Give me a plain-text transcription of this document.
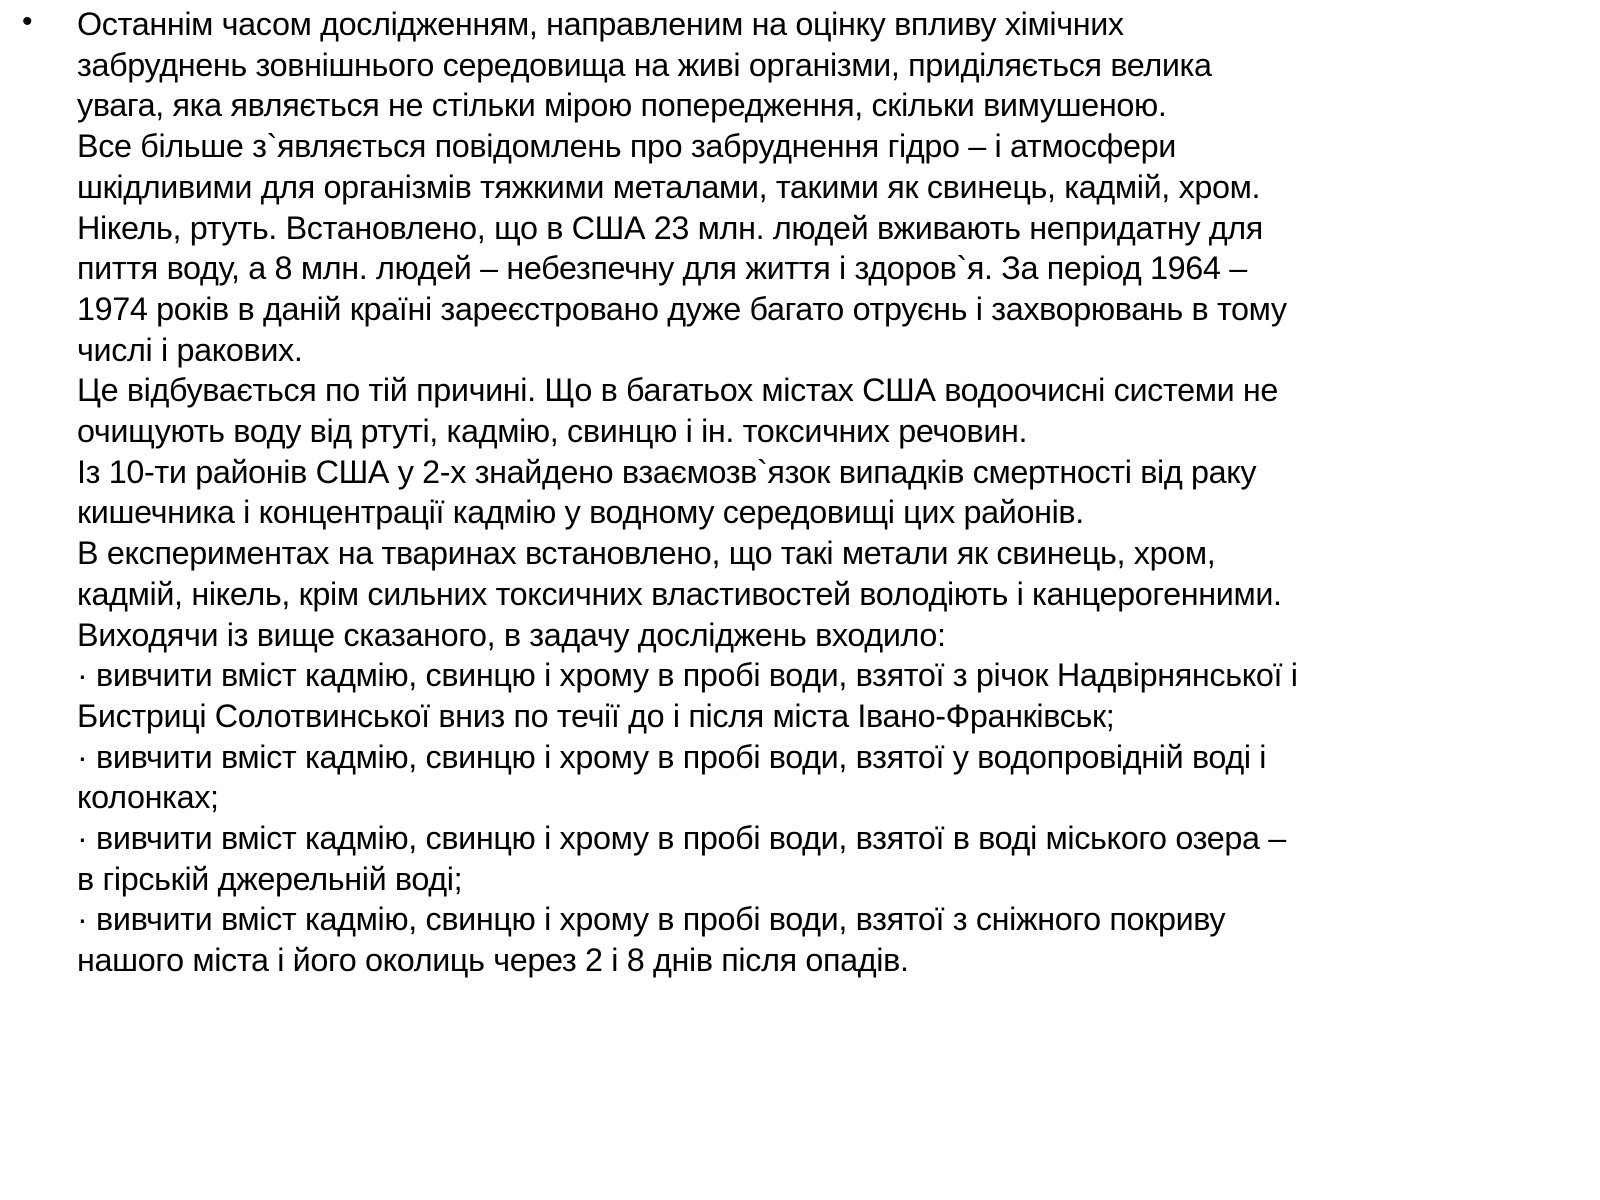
• Останнім часом дослідженням, направленим на оцінку впливу хімічних
забруднень зовнішнього середовища на живі організми, приділяється велика
увага, яка являється не стільки мірою попередження, скільки вимушеною.
Все більше з`являється повідомлень про забруднення гідро – і атмосфери
шкідливими для організмів тяжкими металами, такими як свинець, кадмій, хром.
Нікель, ртуть. Встановлено, що в США 23 млн. людей вживають непридатну для
пиття воду, а 8 млн. людей – небезпечну для життя і здоров`я. За період 1964 –
1974 років в даній країні зареєстровано дуже багато отруєнь і захворювань в тому
числі і ракових.
Це відбувається по тій причині. Що в багатьох містах США водоочисні системи не
очищують воду від ртуті, кадмію, свинцю і ін. токсичних речовин.
Із 10-ти районів США у 2-х знайдено взаємозв`язок випадків смертності від раку
кишечника і концентрації кадмію у водному середовищі цих районів.
В експериментах на тваринах встановлено, що такі метали як свинець, хром,
кадмій, нікель, крім сильних токсичних властивостей володіють і канцерогенними.
Виходячи із вище сказаного, в задачу досліджень входило:
· вивчити вміст кадмію, свинцю і хрому в пробі води, взятої з річок Надвірнянської і
Бистриці Солотвинської вниз по течії до і після міста Івано-Франківськ;
· вивчити вміст кадмію, свинцю і хрому в пробі води, взятої у водопровідній воді і
колонках;
· вивчити вміст кадмію, свинцю і хрому в пробі води, взятої в воді міського озера –
в гірській джерельній воді;
· вивчити вміст кадмію, свинцю і хрому в пробі води, взятої з сніжного покриву
нашого міста і його околиць через 2 і 8 днів після опадів.
